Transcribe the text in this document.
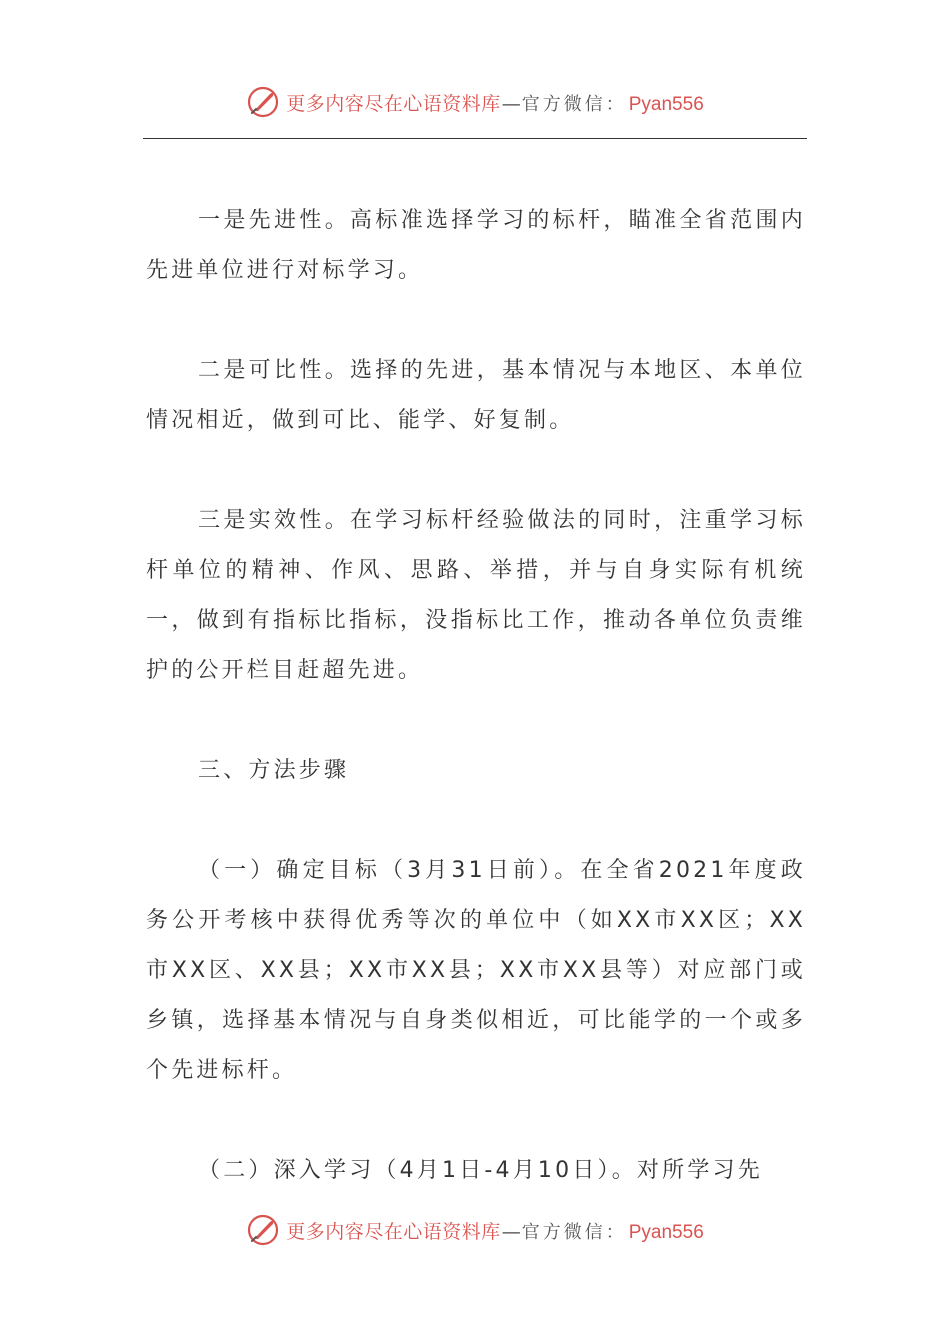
更多内容尽在心语资料库 — 官方微信： Pyan556

一是先进性。高标准选择学习的标杆，瞄准全省范围内先进单位进行对标学习。

二是可比性。选择的先进，基本情况与本地区、本单位情况相近，做到可比、能学、好复制。

三是实效性。在学习标杆经验做法的同时，注重学习标杆单位的精神、作风、思路、举措，并与自身实际有机统一，做到有指标比指标，没指标比工作，推动各单位负责维护的公开栏目赶超先进。

三、方法步骤

（一）确定目标（3月31日前）。在全省2021年度政务公开考核中获得优秀等次的单位中（如XX市XX区；XX市XX区、XX县；XX市XX县；XX市XX县等）对应部门或乡镇，选择基本情况与自身类似相近，可比能学的一个或多个先进标杆。

（二）深入学习（4月1日-4月10日）。对所学习先

更多内容尽在心语资料库 — 官方微信： Pyan556
